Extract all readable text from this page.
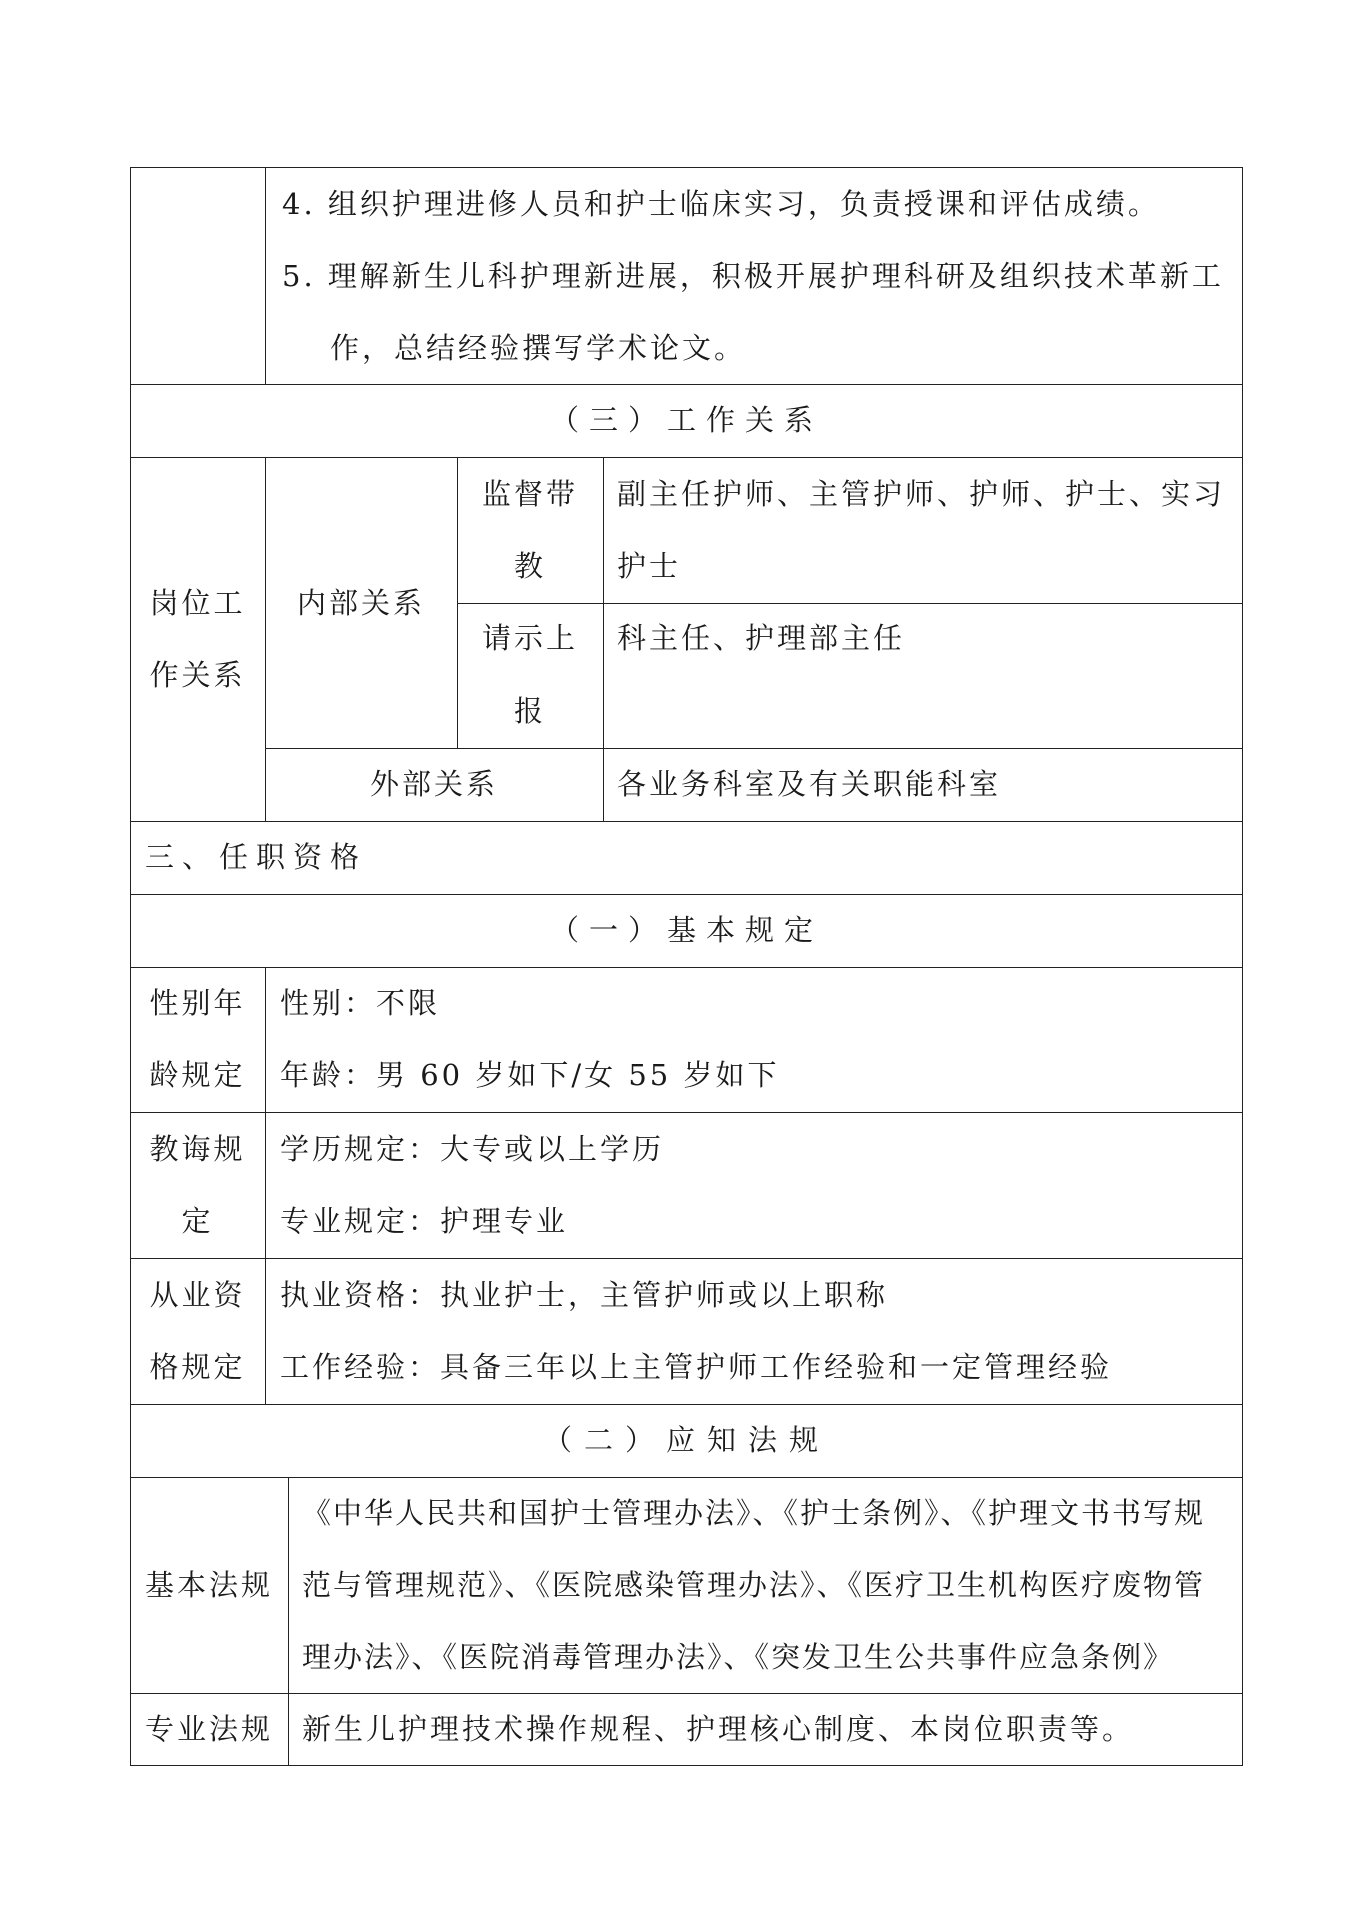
4. 组织护理进修人员和护士临床实习，负责授课和评估成绩。
5. 理解新生儿科护理新进展，积极开展护理科研及组织技术革新工
作，总结经验撰写学术论文。
（三）工作关系
岗位工
作关系
内部关系
监督带
教
副主任护师、主管护师、护师、护士、实习
护士
请示上
报
科主任、护理部主任
外部关系	各业务科室及有关职能科室
三、任职资格
（一）基本规定
性别年
龄规定
性别：不限
年龄：男 60 岁如下/女 55 岁如下
教诲规
定
学历规定：大专或以上学历
专业规定：护理专业
从业资
格规定
执业资格：执业护士，主管护师或以上职称
工作经验：具备三年以上主管护师工作经验和一定管理经验
（二）应知法规
基本法规
《中华人民共和国护士管理办法》、《护士条例》、《护理文书书写规
范与管理规范》、《医院感染管理办法》、《医疗卫生机构医疗废物管
理办法》、《医院消毒管理办法》、《突发卫生公共事件应急条例》
专业法规	新生儿护理技术操作规程、护理核心制度、本岗位职责等。
